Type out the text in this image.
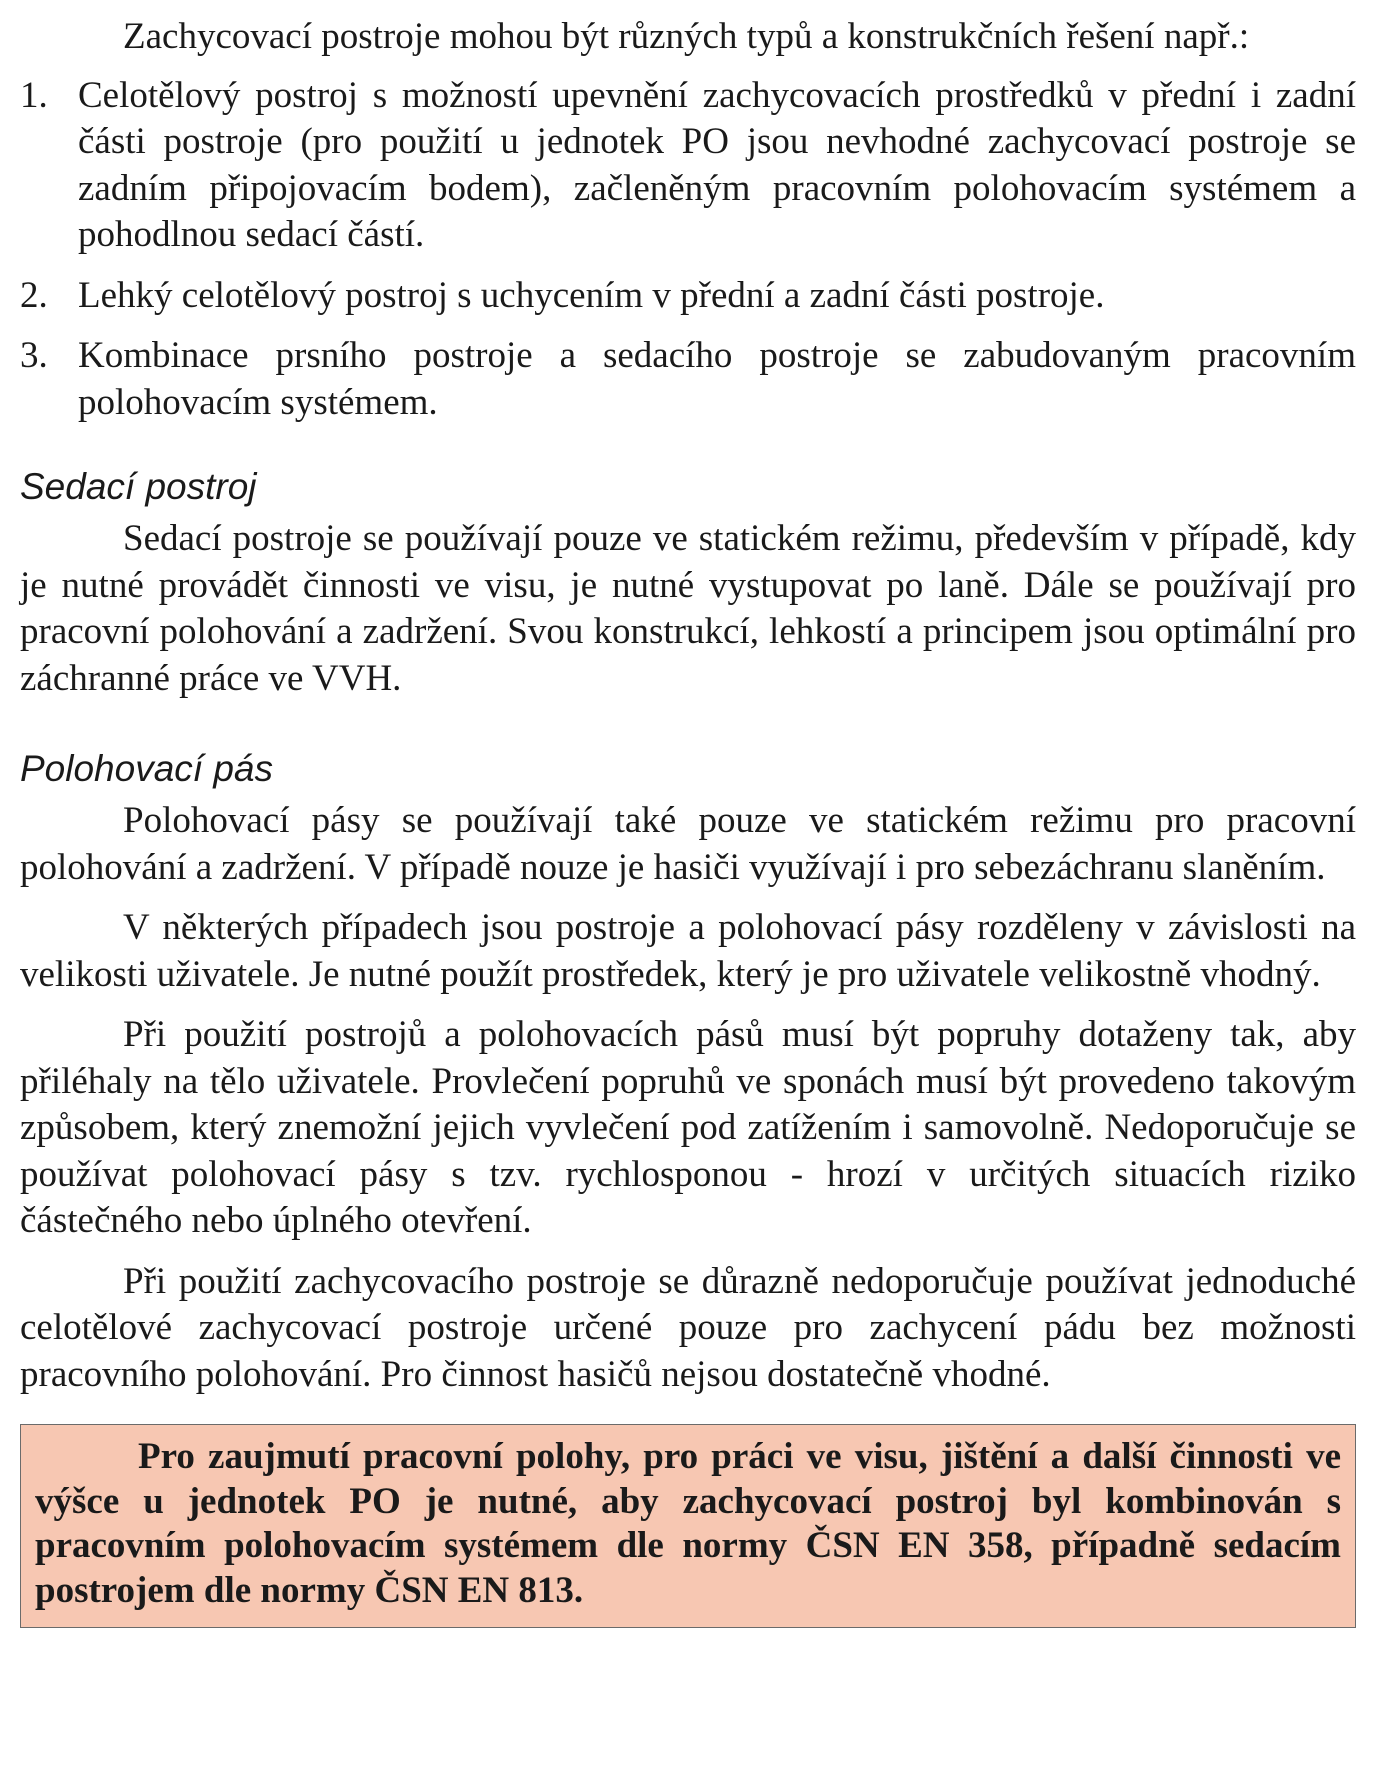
Zachycovací postroje mohou být různých typů a konstrukčních řešení např.:

1. Celotělový postroj s možností upevnění zachycovacích prostředků v přední i zadní části postroje (pro použití u jednotek PO jsou nevhodné zachycovací postroje se zadním připojovacím bodem), začleněným pracovním polohovacím systémem a pohodlnou sedací částí.
2. Lehký celotělový postroj s uchycením v přední a zadní části postroje.
3. Kombinace prsního postroje a sedacího postroje se zabudovaným pracovním polohovacím systémem.
Sedací postroj

Sedací postroje se používají pouze ve statickém režimu, především v případě, kdy je nutné provádět činnosti ve visu, je nutné vystupovat po laně. Dále se používají pro pracovní polohování a zadržení. Svou konstrukcí, lehkostí a principem jsou optimální pro záchranné práce ve VVH.

Polohovací pás

Polohovací pásy se používají také pouze ve statickém režimu pro pracovní polohování a zadržení. V případě nouze je hasiči využívají i pro sebezáchranu slaněním.

V některých případech jsou postroje a polohovací pásy rozděleny v závislosti na velikosti uživatele. Je nutné použít prostředek, který je pro uživatele velikostně vhodný.

Při použití postrojů a polohovacích pásů musí být popruhy dotaženy tak, aby přiléhaly na tělo uživatele. Provlečení popruhů ve sponách musí být provedeno takovým způsobem, který znemožní jejich vyvlečení pod zatížením i samovolně. Nedoporučuje se používat polohovací pásy s tzv. rychlosponou - hrozí v určitých situacích riziko částečného nebo úplného otevření.

Při použití zachycovacího postroje se důrazně nedoporučuje používat jednoduché celotělové zachycovací postroje určené pouze pro zachycení pádu bez možnosti pracovního polohování. Pro činnost hasičů nejsou dostatečně vhodné.

Pro zaujmutí pracovní polohy, pro práci ve visu, jištění a další činnosti ve výšce u jednotek PO je nutné, aby zachycovací postroj byl kombinován s pracovním polohovacím systémem dle normy ČSN EN 358, případně sedacím postrojem dle normy ČSN EN 813.
